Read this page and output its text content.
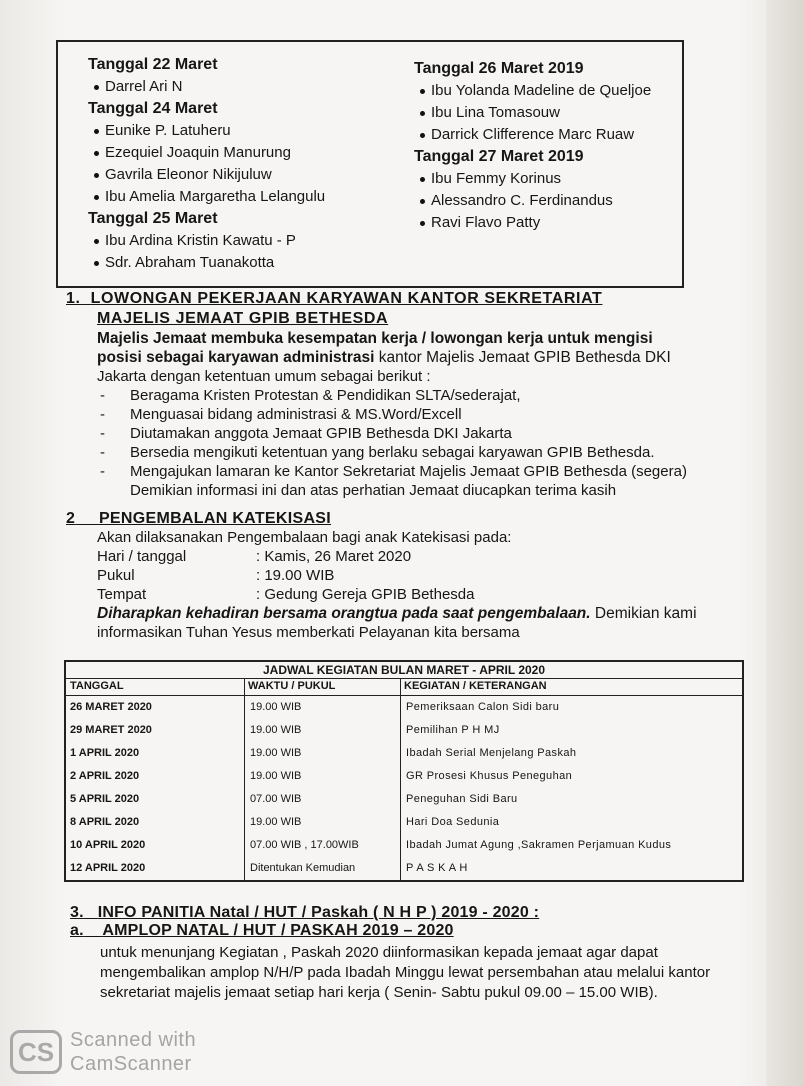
Tanggal 22 Maret
Darrel Ari N
Tanggal 24 Maret
Eunike P. Latuheru
Ezequiel Joaquin Manurung
Gavrila Eleonor Nikijuluw
Ibu Amelia Margaretha Lelangulu
Tanggal 25 Maret
Ibu Ardina Kristin Kawatu - P
Sdr. Abraham Tuanakotta
Tanggal 26 Maret 2019
Ibu Yolanda Madeline de Queljoe
Ibu Lina Tomasouw
Darrick Clifference Marc Ruaw
Tanggal 27 Maret 2019
Ibu Femmy Korinus
Alessandro C. Ferdinandus
Ravi Flavo Patty
1. LOWONGAN PEKERJAAN KARYAWAN KANTOR SEKRETARIAT
MAJELIS JEMAAT GPIB BETHESDA
Majelis Jemaat membuka kesempatan kerja / lowongan kerja untuk mengisi
posisi sebagai karyawan administrasi kantor Majelis Jemaat GPIB Bethesda DKI
Jakarta dengan ketentuan umum sebagai berikut :
- Beragama Kristen Protestan & Pendidikan SLTA/sederajat,
- Menguasai bidang administrasi & MS.Word/Excell
- Diutamakan anggota Jemaat GPIB Bethesda DKI Jakarta
- Bersedia mengikuti ketentuan yang berlaku sebagai karyawan GPIB Bethesda.
- Mengajukan lamaran ke Kantor Sekretariat Majelis Jemaat GPIB Bethesda (segera)
Demikian informasi ini dan atas perhatian Jemaat diucapkan terima kasih
2 PENGEMBALAN KATEKISASI
Akan dilaksanakan Pengembalaan bagi anak Katekisasi pada:
Hari / tanggal	: Kamis, 26 Maret 2020
Pukul	: 19.00 WIB
Tempat	: Gedung Gereja GPIB Bethesda
Diharapkan kehadiran bersama orangtua pada saat pengembalaan. Demikian kami
informasikan Tuhan Yesus memberkati Pelayanan kita bersama
JADWAL KEGIATAN BULAN MARET - APRIL 2020
TANGGAL	WAKTU / PUKUL	KEGIATAN / KETERANGAN
26 MARET 2020	19.00 WIB	Pemeriksaan Calon Sidi baru
29 MARET 2020	19.00 WIB	Pemilihan P H MJ
1 APRIL 2020	19.00 WIB	Ibadah Serial Menjelang Paskah
2 APRIL 2020	19.00 WIB	GR Prosesi Khusus Peneguhan
5 APRIL 2020	07.00 WIB	Peneguhan Sidi Baru
8 APRIL 2020	19.00 WIB	Hari Doa Sedunia
10 APRIL 2020	07.00 WIB , 17.00WIB	Ibadah Jumat Agung ,Sakramen Perjamuan Kudus
12 APRIL 2020	Ditentukan Kemudian	P A S K A H
3. INFO PANITIA Natal / HUT / Paskah ( N H P ) 2019 - 2020 :
a. AMPLOP NATAL / HUT / PASKAH 2019 – 2020
untuk menunjang Kegiatan , Paskah 2020 diinformasikan kepada jemaat agar dapat
mengembalikan amplop N/H/P pada Ibadah Minggu lewat persembahan atau melalui kantor
sekretariat majelis jemaat setiap hari kerja ( Senin- Sabtu pukul 09.00 – 15.00 WIB).
CS Scanned with
CamScanner
